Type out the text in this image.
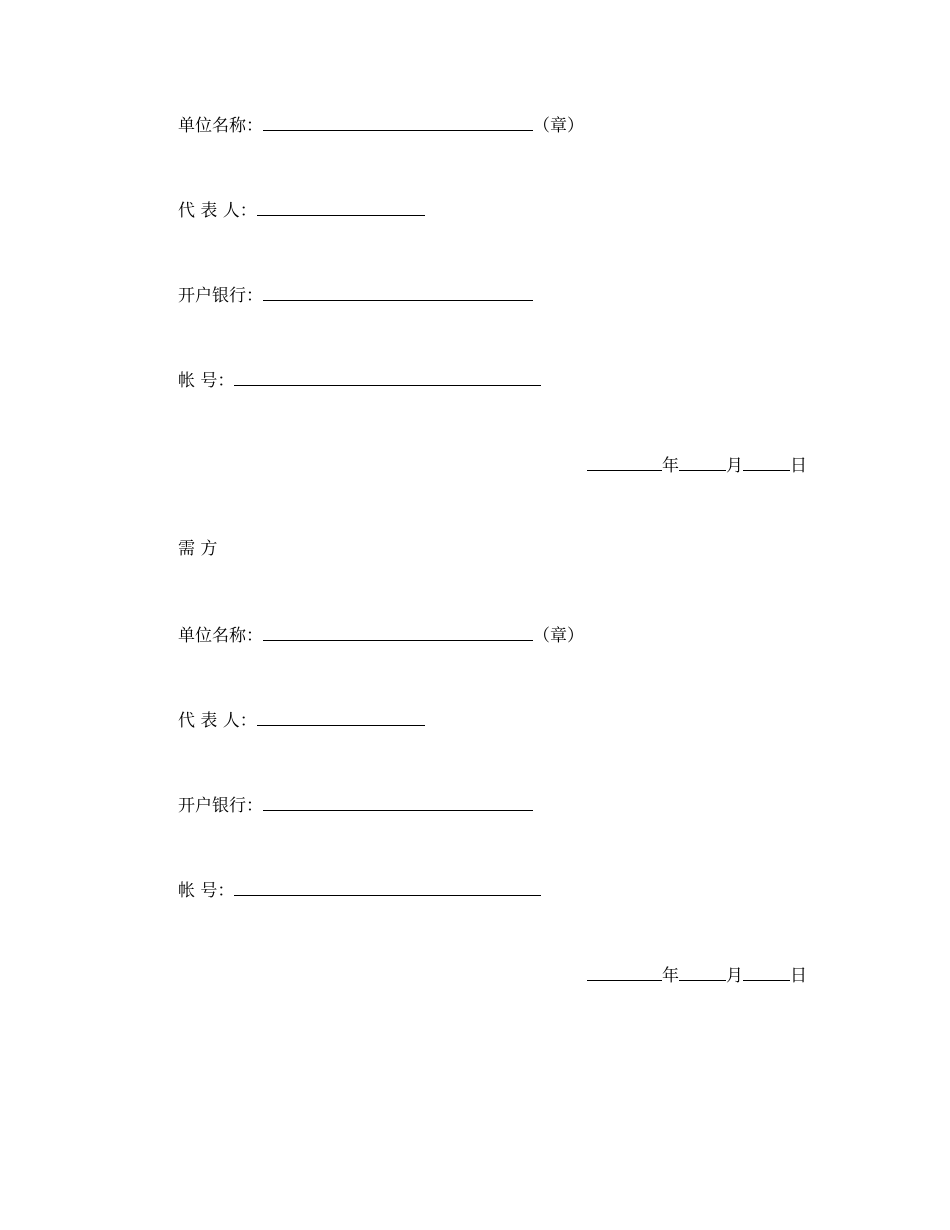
单位名称：	（章）
代 表 人：
开户银行：
帐 号：
年	月	日
需 方
单位名称：	（章）
代 表 人：
开户银行：
帐 号：
年	月	日
